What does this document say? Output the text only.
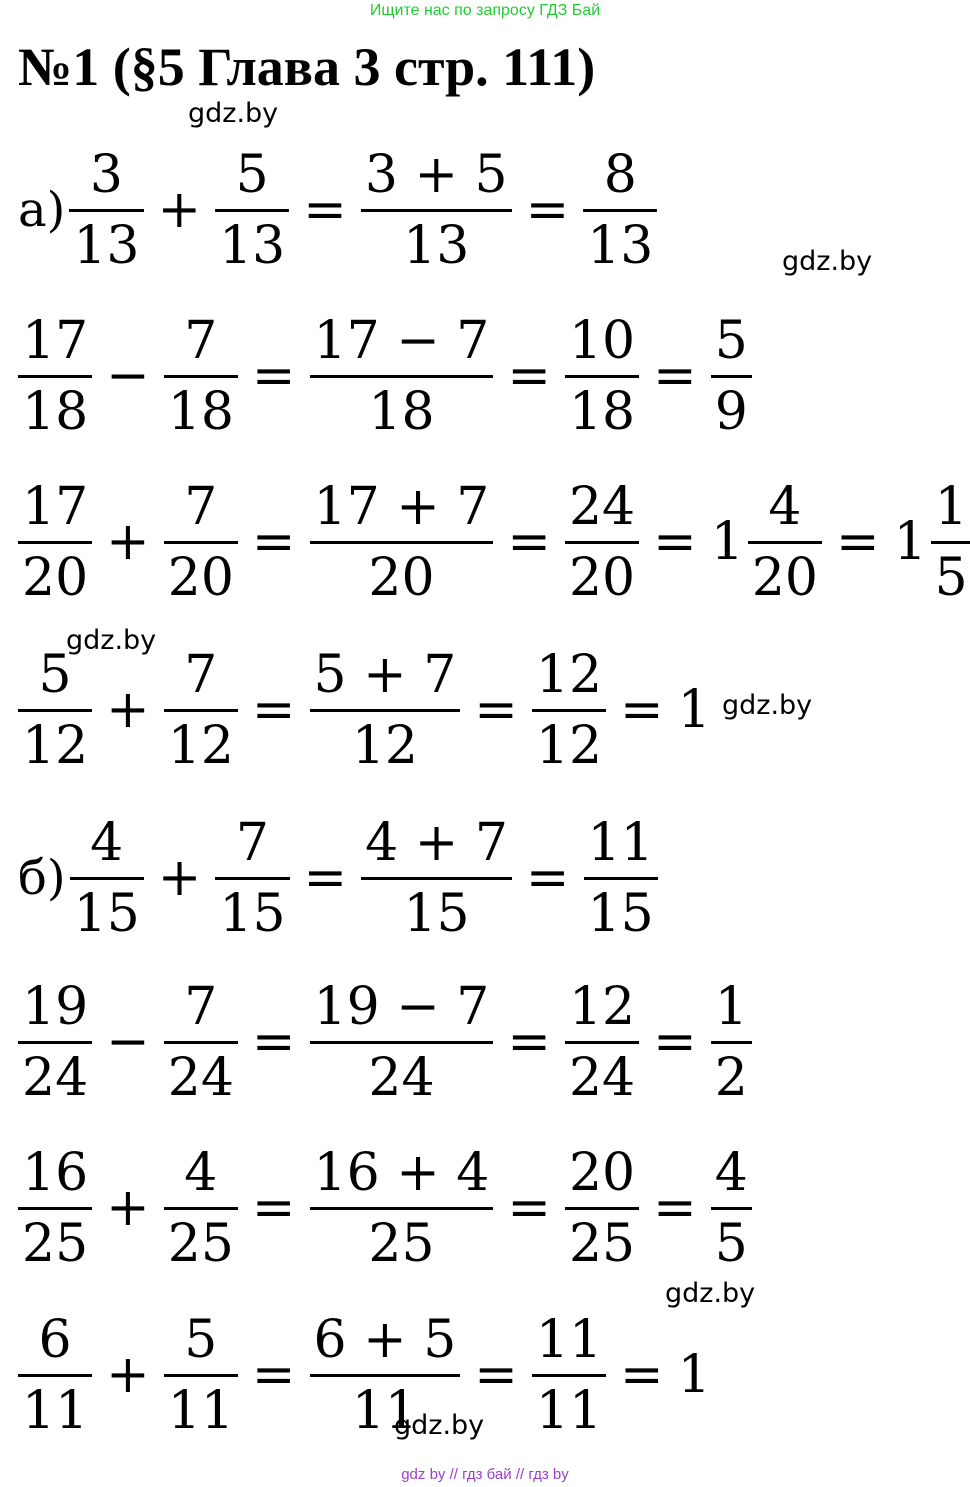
Ищите нас по запросу ГДЗ Бай
№1 (§5 Глава 3 стр. 111)
gdz.by
gdz.by
gdz.by
gdz.by
gdz.by
gdz.by
$а) \frac{3}{13} + \frac{5}{13} = \frac{3 + 5}{13} = \frac{8}{13}$
$\frac{17}{18} - \frac{7}{18} = \frac{17 - 7}{18} = \frac{10}{18} = \frac{5}{9}$
$\frac{17}{20} + \frac{7}{20} = \frac{17 + 7}{20} = \frac{24}{20} = 1 \frac{4}{20} = 1 \frac{1}{5}$
$\frac{5}{12} + \frac{7}{12} = \frac{5 + 7}{12} = \frac{12}{12} = 1$
$б) \frac{4}{15} + \frac{7}{15} = \frac{4 + 7}{15} = \frac{11}{15}$
$\frac{19}{24} - \frac{7}{24} = \frac{19 - 7}{24} = \frac{12}{24} = \frac{1}{2}$
$\frac{16}{25} + \frac{4}{25} = \frac{16 + 4}{25} = \frac{20}{25} = \frac{4}{5}$
$\frac{6}{11} + \frac{5}{11} = \frac{6 + 5}{11} = \frac{11}{11} = 1$
gdz by // гдз бай // гдз by
